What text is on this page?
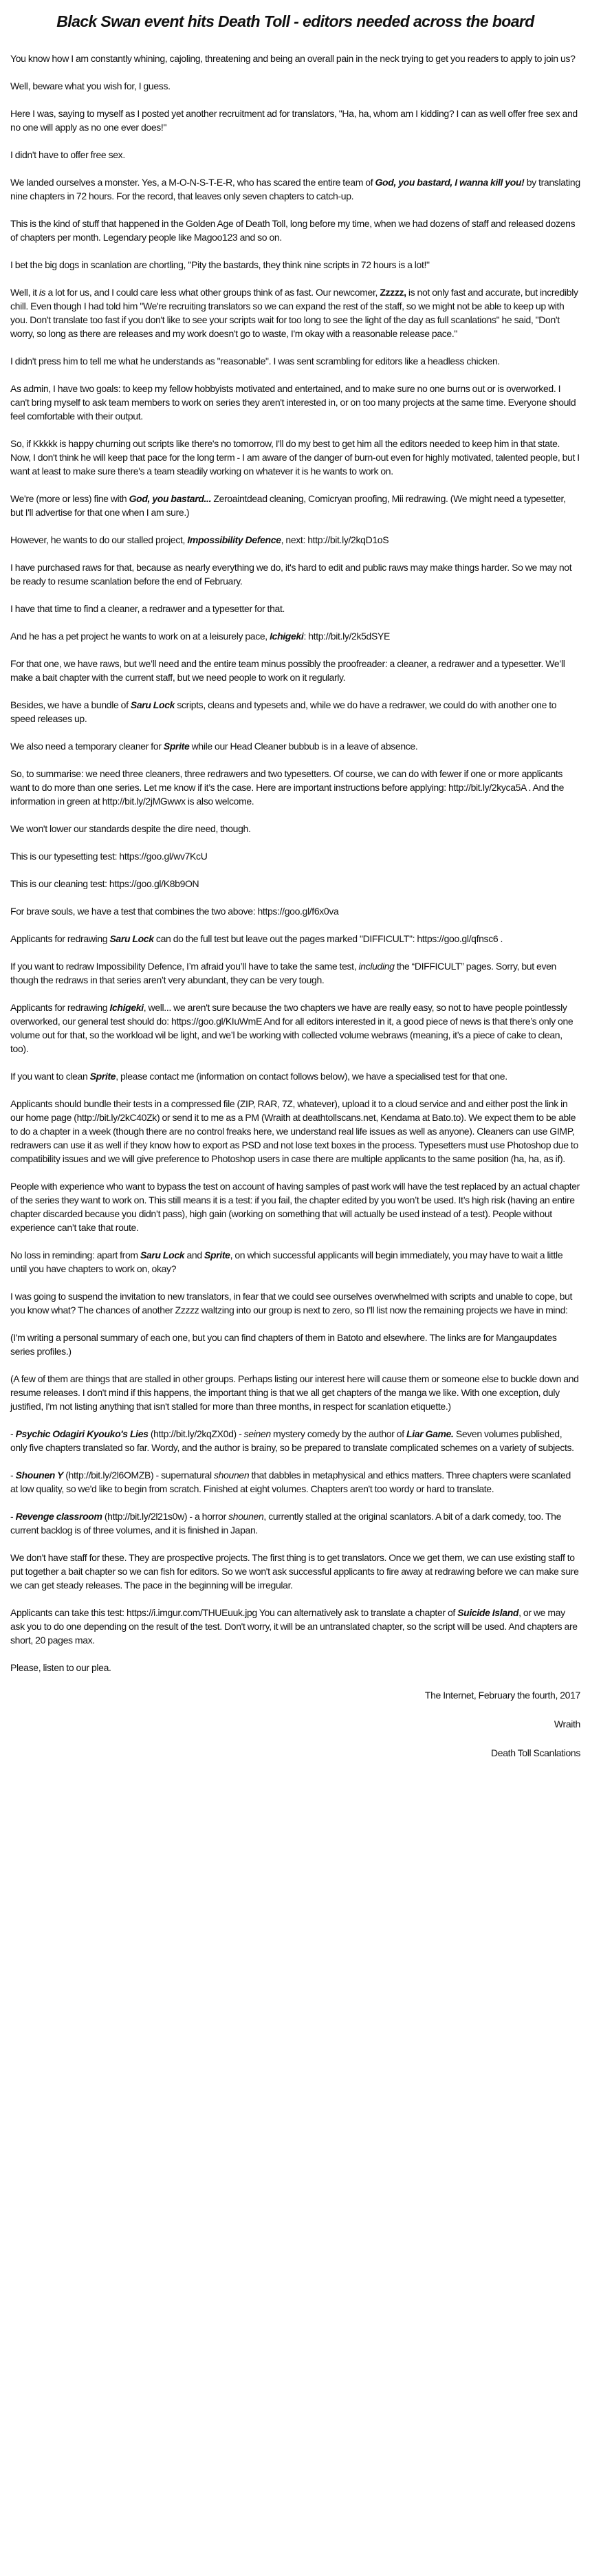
Black Swan event hits Death Toll - editors needed across the board

You know how I am constantly whining, cajoling, threatening and being an overall pain in the neck trying to get you readers to apply to join us?

Well, beware what you wish for, I guess.

Here I was, saying to myself as I posted yet another recruitment ad for translators, "Ha, ha, whom am I kidding? I can as well offer free sex and no one will apply as no one ever does!"

I didn't have to offer free sex.

We landed ourselves a monster. Yes, a M-O-N-S-T-E-R, who has scared the entire team of God, you bastard, I wanna kill you! by translating nine chapters in 72 hours. For the record, that leaves only seven chapters to catch-up.

This is the kind of stuff that happened in the Golden Age of Death Toll, long before my time, when we had dozens of staff and released dozens of chapters per month. Legendary people like Magoo123 and so on.

I bet the big dogs in scanlation are chortling, "Pity the bastards, they think nine scripts in 72 hours is a lot!"

Well, it is a lot for us, and I could care less what other groups think of as fast. Our newcomer, Zzzzz, is not only fast and accurate, but incredibly chill. Even though I had told him "We're recruiting translators so we can expand the rest of the staff, so we might not be able to keep up with you. Don't translate too fast if you don't like to see your scripts wait for too long to see the light of the day as full scanlations" he said, "Don't worry, so long as there are releases and my work doesn't go to waste, I'm okay with a reasonable release pace."

I didn't press him to tell me what he understands as "reasonable". I was sent scrambling for editors like a headless chicken.

As admin, I have two goals: to keep my fellow hobbyists motivated and entertained, and to make sure no one burns out or is overworked. I can't bring myself to ask team members to work on series they aren't interested in, or on too many projects at the same time. Everyone should feel comfortable with their output.

So, if Kkkkk is happy churning out scripts like there's no tomorrow, I'll do my best to get him all the editors needed to keep him in that state. Now, I don't think he will keep that pace for the long term - I am aware of the danger of burn-out even for highly motivated, talented people, but I want at least to make sure there's a team steadily working on whatever it is he wants to work on.

We're (more or less) fine with God, you bastard... Zeroaintdead cleaning, Comicryan proofing, Mii redrawing. (We might need a typesetter, but I'll advertise for that one when I am sure.)

However, he wants to do our stalled project, Impossibility Defence, next: http://bit.ly/2kqD1oS

I have purchased raws for that, because as nearly everything we do, it's hard to edit and public raws may make things harder. So we may not be ready to resume scanlation before the end of February.

I have that time to find a cleaner, a redrawer and a typesetter for that.

And he has a pet project he wants to work on at a leisurely pace, Ichigeki: http://bit.ly/2k5dSYE

For that one, we have raws, but we’ll need and the entire team minus possibly the proofreader: a cleaner, a redrawer and a typesetter. We’ll make a bait chapter with the current staff, but we need people to work on it regularly.

Besides, we have a bundle of Saru Lock scripts, cleans and typesets and, while we do have a redrawer, we could do with another one to speed releases up.

We also need a temporary cleaner for Sprite while our Head Cleaner bubbub is in a leave of absence.

So, to summarise: we need three cleaners, three redrawers and two typesetters. Of course, we can do with fewer if one or more applicants want to do more than one series. Let me know if it’s the case. Here are important instructions before applying: http://bit.ly/2kyca5A . And the information in green at http://bit.ly/2jMGwwx is also welcome.

We won't lower our standards despite the dire need, though.

This is our typesetting test: https://goo.gl/wv7KcU

This is our cleaning test: https://goo.gl/K8b9ON

For brave souls, we have a test that combines the two above: https://goo.gl/f6x0va

Applicants for redrawing Saru Lock can do the full test but leave out the pages marked "DIFFICULT": https://goo.gl/qfnsc6 .

If you want to redraw Impossibility Defence, I’m afraid you’ll have to take the same test, including the “DIFFICULT” pages. Sorry, but even though the redraws in that series aren’t very abundant, they can be very tough.

Applicants for redrawing Ichigeki, well... we aren't sure because the two chapters we have are really easy, so not to have people pointlessly overworked, our general test should do: https://goo.gl/KIuWmE And for all editors interested in it, a good piece of news is that there’s only one volume out for that, so the workload wil be light, and we’l be working with collected volume webraws (meaning, it’s a piece of cake to clean, too).

If you want to clean Sprite, please contact me (information on contact follows below), we have a specialised test for that one.

Applicants should bundle their tests in a compressed file (ZIP, RAR, 7Z, whatever), upload it to a cloud service and and either post the link in our home page (http://bit.ly/2kC40Zk) or send it to me as a PM (Wraith at deathtollscans.net, Kendama at Bato.to). We expect them to be able to do a chapter in a week (though there are no control freaks here, we understand real life issues as well as anyone). Cleaners can use GIMP, redrawers can use it as well if they know how to export as PSD and not lose text boxes in the process. Typesetters must use Photoshop due to compatibility issues and we will give preference to Photoshop users in case there are multiple applicants to the same position (ha, ha, as if).

People with experience who want to bypass the test on account of having samples of past work will have the test replaced by an actual chapter of the series they want to work on. This still means it is a test: if you fail, the chapter edited by you won’t be used. It’s high risk (having an entire chapter discarded because you didn’t pass), high gain (working on something that will actually be used instead of a test). People without experience can’t take that route.

No loss in reminding: apart from Saru Lock and Sprite, on which successful applicants will begin immediately, you may have to wait a little until you have chapters to work on, okay?

I was going to suspend the invitation to new translators, in fear that we could see ourselves overwhelmed with scripts and unable to cope, but you know what? The chances of another Zzzzz waltzing into our group is next to zero, so I'll list now the remaining projects we have in mind:

(I'm writing a personal summary of each one, but you can find chapters of them in Batoto and elsewhere. The links are for Mangaupdates series profiles.)

(A few of them are things that are stalled in other groups. Perhaps listing our interest here will cause them or someone else to buckle down and resume releases. I don't mind if this happens, the important thing is that we all get chapters of the manga we like. With one exception, duly justified, I'm not listing anything that isn't stalled for more than three months, in respect for scanlation etiquette.)

- Psychic Odagiri Kyouko's Lies (http://bit.ly/2kqZX0d) - seinen mystery comedy by the author of Liar Game. Seven volumes published, only five chapters translated so far. Wordy, and the author is brainy, so be prepared to translate complicated schemes on a variety of subjects.

- Shounen Y (http://bit.ly/2l6OMZB) - supernatural shounen that dabbles in metaphysical and ethics matters. Three chapters were scanlated at low quality, so we'd like to begin from scratch. Finished at eight volumes. Chapters aren't too wordy or hard to translate.

- Revenge classroom (http://bit.ly/2l21s0w) - a horror shounen, currently stalled at the original scanlators. A bit of a dark comedy, too. The current backlog is of three volumes, and it is finished in Japan.

We don't have staff for these. They are prospective projects. The first thing is to get translators. Once we get them, we can use existing staff to put together a bait chapter so we can fish for editors. So we won't ask successful applicants to fire away at redrawing before we can make sure we can get steady releases. The pace in the beginning will be irregular.

Applicants can take this test: https://i.imgur.com/THUEuuk.jpg You can alternatively ask to translate a chapter of Suicide Island, or we may ask you to do one depending on the result of the test. Don't worry, it will be an untranslated chapter, so the script will be used. And chapters are short, 20 pages max.

Please, listen to our plea.

The Internet, February the fourth, 2017

Wraith

Death Toll Scanlations
